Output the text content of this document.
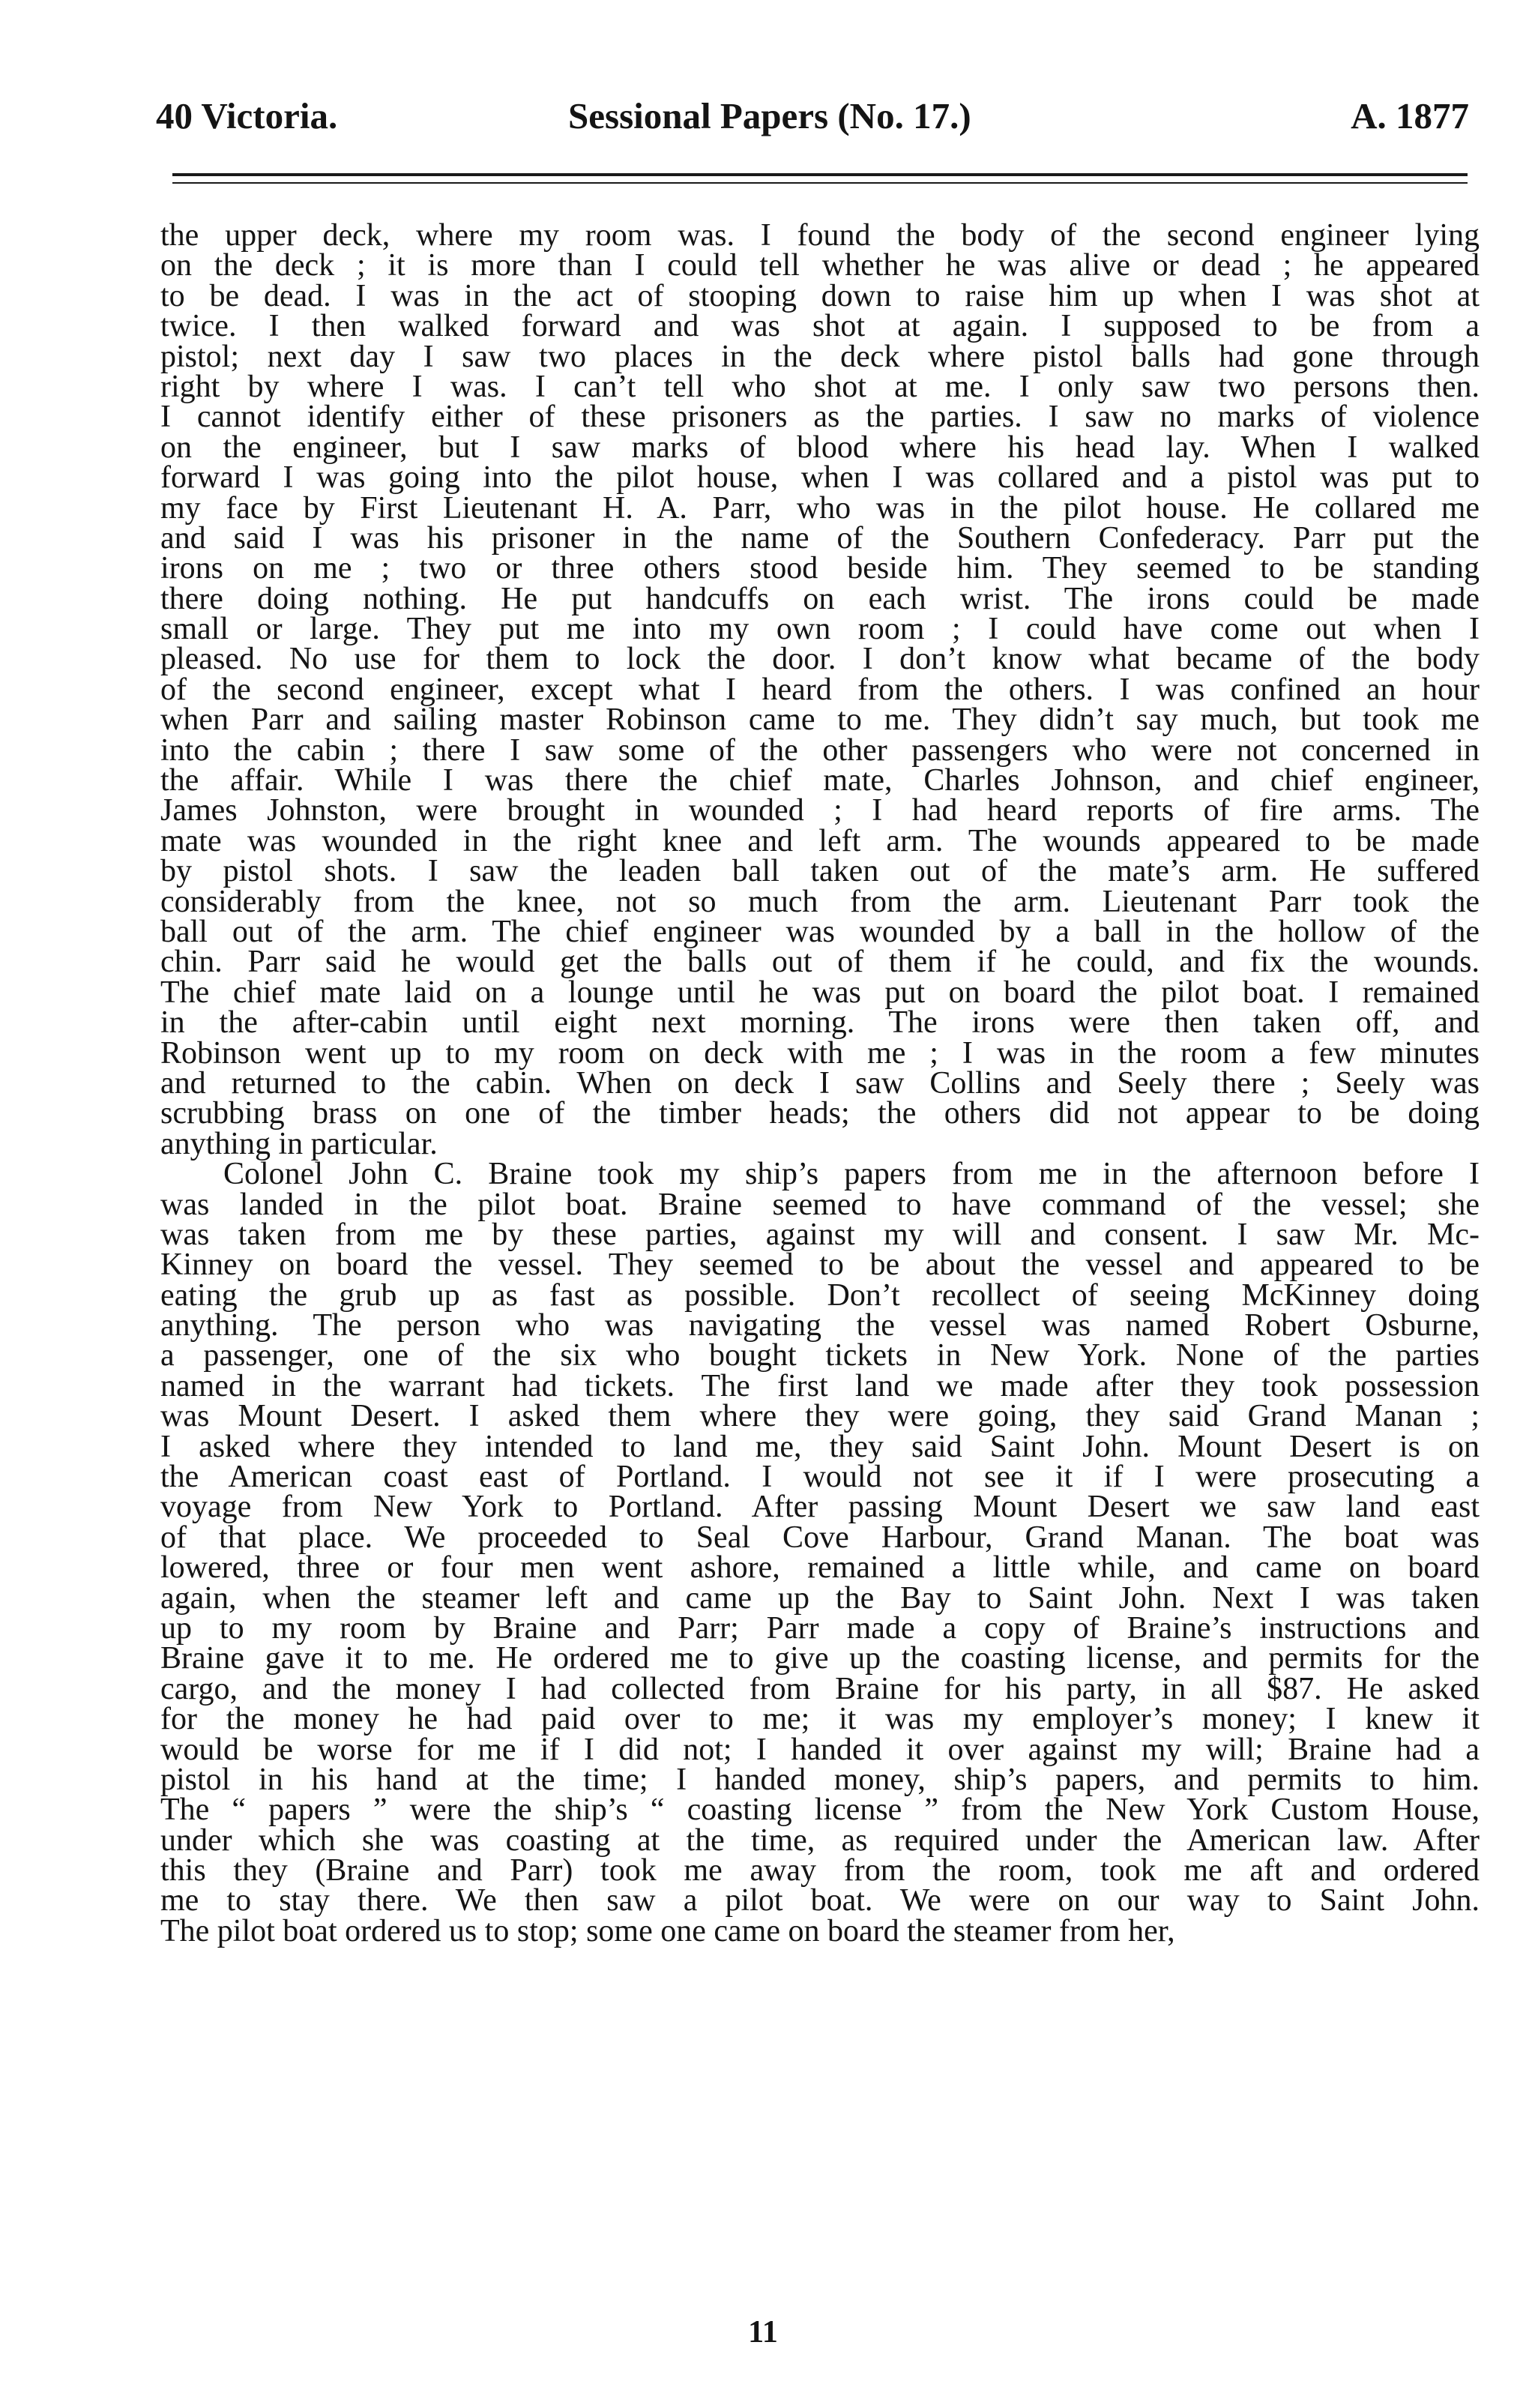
40 Victoria.	Sessional Papers (No. 17.)	A. 1877
the upper deck, where my room was. I found the body of the second engineer lying
on the deck ; it is more than I could tell whether he was alive or dead ; he appeared
to be dead. I was in the act of stooping down to raise him up when I was shot at
twice. I then walked forward and was shot at again. I supposed to be from a
pistol; next day I saw two places in the deck where pistol balls had gone through
right by where I was. I can’t tell who shot at me. I only saw two persons then.
I cannot identify either of these prisoners as the parties. I saw no marks of violence
on the engineer, but I saw marks of blood where his head lay. When I walked
forward I was going into the pilot house, when I was collared and a pistol was put to
my face by First Lieutenant H. A. Parr, who was in the pilot house. He collared me
and said I was his prisoner in the name of the Southern Confederacy. Parr put the
irons on me ; two or three others stood beside him. They seemed to be standing
there doing nothing. He put handcuffs on each wrist. The irons could be made
small or large. They put me into my own room ; I could have come out when I
pleased. No use for them to lock the door. I don’t know what became of the body
of the second engineer, except what I heard from the others. I was confined an hour
when Parr and sailing master Robinson came to me. They didn’t say much, but took me
into the cabin ; there I saw some of the other passengers who were not concerned in
the affair. While I was there the chief mate, Charles Johnson, and chief engineer,
James Johnston, were brought in wounded ; I had heard reports of fire arms. The
mate was wounded in the right knee and left arm. The wounds appeared to be made
by pistol shots. I saw the leaden ball taken out of the mate’s arm. He suffered
considerably from the knee, not so much from the arm. Lieutenant Parr took the
ball out of the arm. The chief engineer was wounded by a ball in the hollow of the
chin. Parr said he would get the balls out of them if he could, and fix the wounds.
The chief mate laid on a lounge until he was put on board the pilot boat. I remained
in the after-cabin until eight next morning. The irons were then taken off, and
Robinson went up to my room on deck with me ; I was in the room a few minutes
and returned to the cabin. When on deck I saw Collins and Seely there ; Seely was
scrubbing brass on one of the timber heads; the others did not appear to be doing
anything in particular.
Colonel John C. Braine took my ship’s papers from me in the afternoon before I
was landed in the pilot boat. Braine seemed to have command of the vessel; she
was taken from me by these parties, against my will and consent. I saw Mr. Mc-
Kinney on board the vessel. They seemed to be about the vessel and appeared to be
eating the grub up as fast as possible. Don’t recollect of seeing McKinney doing
anything. The person who was navigating the vessel was named Robert Osburne,
a passenger, one of the six who bought tickets in New York. None of the parties
named in the warrant had tickets. The first land we made after they took possession
was Mount Desert. I asked them where they were going, they said Grand Manan ;
I asked where they intended to land me, they said Saint John. Mount Desert is on
the American coast east of Portland. I would not see it if I were prosecuting a
voyage from New York to Portland. After passing Mount Desert we saw land east
of that place. We proceeded to Seal Cove Harbour, Grand Manan. The boat was
lowered, three or four men went ashore, remained a little while, and came on board
again, when the steamer left and came up the Bay to Saint John. Next I was taken
up to my room by Braine and Parr; Parr made a copy of Braine’s instructions and
Braine gave it to me. He ordered me to give up the coasting license, and permits for the
cargo, and the money I had collected from Braine for his party, in all $87. He asked
for the money he had paid over to me; it was my employer’s money; I knew it
would be worse for me if I did not; I handed it over against my will; Braine had a
pistol in his hand at the time; I handed money, ship’s papers, and permits to him.
The “ papers ” were the ship’s “ coasting license ” from the New York Custom House,
under which she was coasting at the time, as required under the American law. After
this they (Braine and Parr) took me away from the room, took me aft and ordered
me to stay there. We then saw a pilot boat. We were on our way to Saint John.
The pilot boat ordered us to stop; some one came on board the steamer from her,
11
